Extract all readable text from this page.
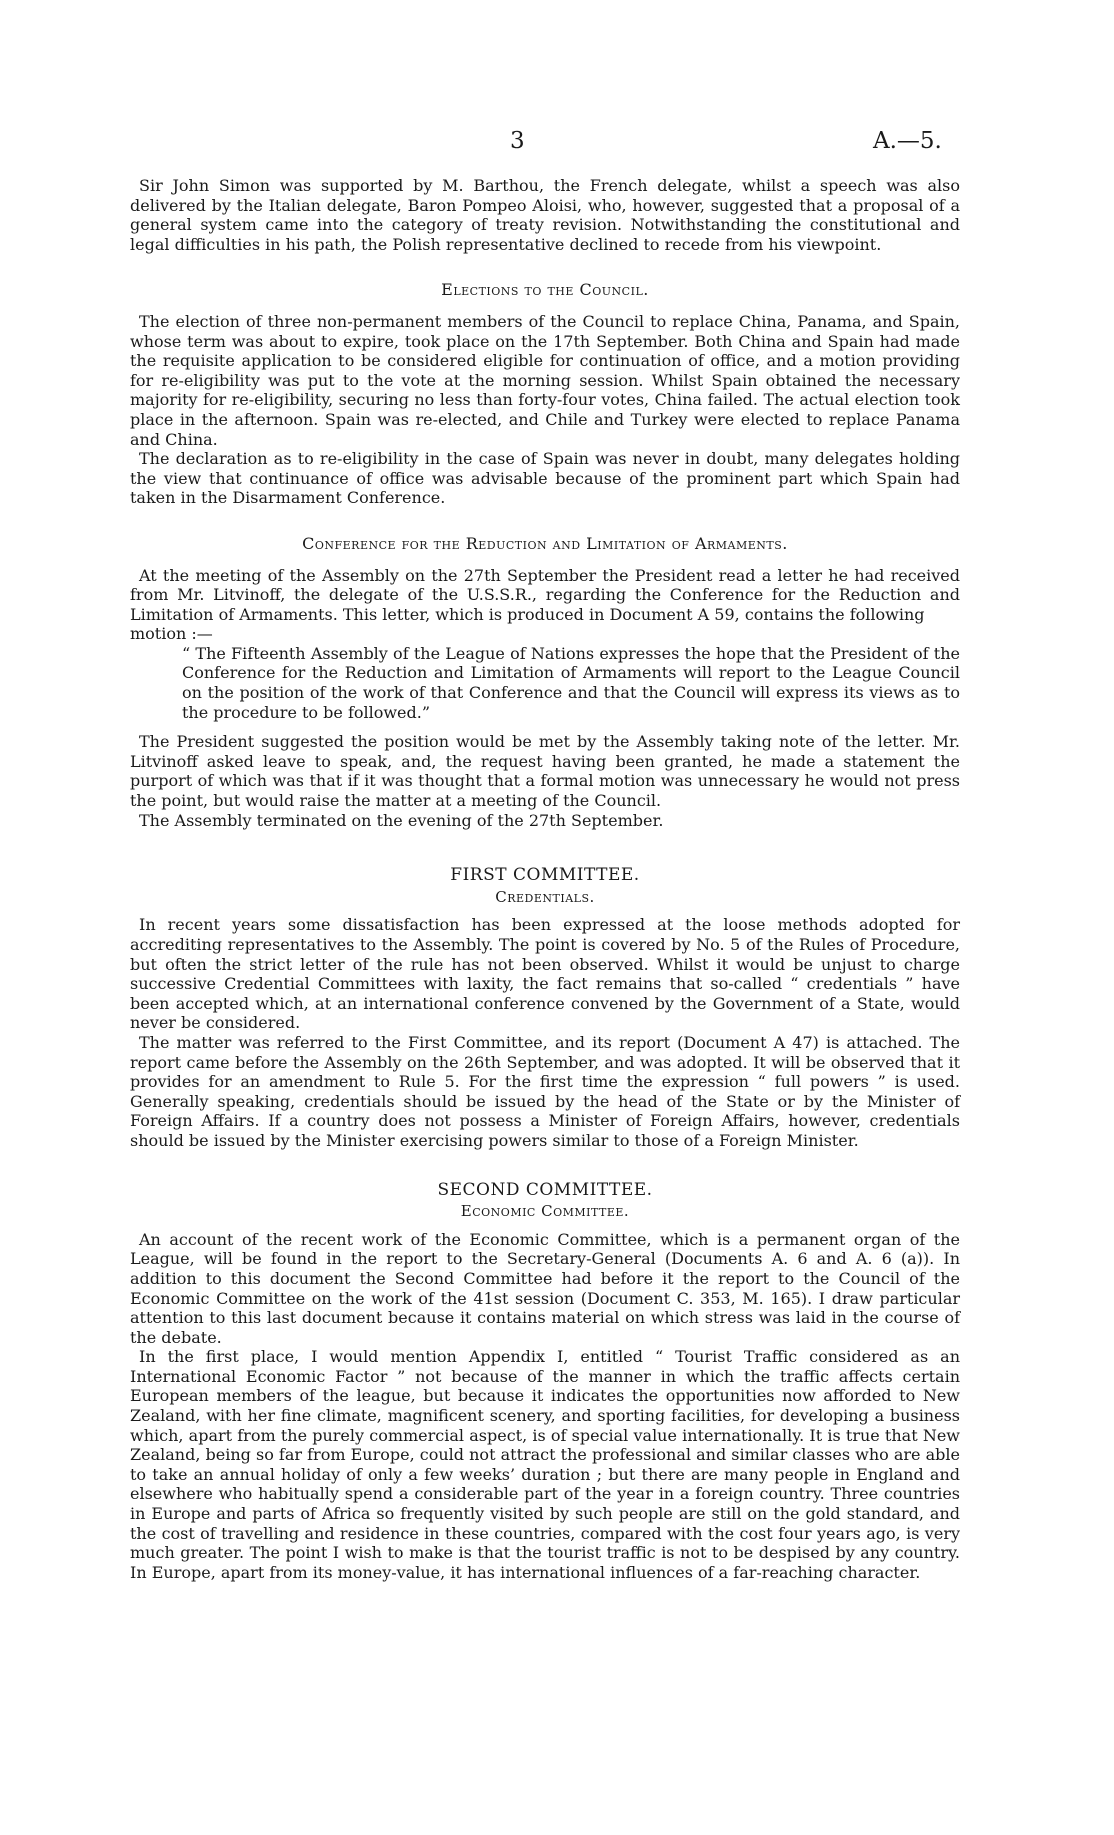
3	A.—5.

Sir John Simon was supported by M. Barthou, the French delegate, whilst a speech was also delivered by the Italian delegate, Baron Pompeo Aloisi, who, however, suggested that a proposal of a general system came into the category of treaty revision. Notwithstanding the constitutional and legal difficulties in his path, the Polish representative declined to recede from his viewpoint.

Elections to the Council.

The election of three non-permanent members of the Council to replace China, Panama, and Spain, whose term was about to expire, took place on the 17th September. Both China and Spain had made the requisite application to be considered eligible for continuation of office, and a motion providing for re-eligibility was put to the vote at the morning session. Whilst Spain obtained the necessary majority for re-eligibility, securing no less than forty-four votes, China failed. The actual election took place in the afternoon. Spain was re-elected, and Chile and Turkey were elected to replace Panama and China.

The declaration as to re-eligibility in the case of Spain was never in doubt, many delegates holding the view that continuance of office was advisable because of the prominent part which Spain had taken in the Disarmament Conference.

Conference for the Reduction and Limitation of Armaments.

At the meeting of the Assembly on the 27th September the President read a letter he had received from Mr. Litvinoff, the delegate of the U.S.S.R., regarding the Conference for the Reduction and Limitation of Armaments. This letter, which is produced in Document A 59, contains the following

motion :—

“ The Fifteenth Assembly of the League of Nations expresses the hope that the President of the Conference for the Reduction and Limitation of Armaments will report to the League Council on the position of the work of that Conference and that the Council will express its views as to the procedure to be followed.”

The President suggested the position would be met by the Assembly taking note of the letter. Mr. Litvinoff asked leave to speak, and, the request having been granted, he made a statement the purport of which was that if it was thought that a formal motion was unnecessary he would not press the point, but would raise the matter at a meeting of the Council.

The Assembly terminated on the evening of the 27th September.

FIRST COMMITTEE.
Credentials.

In recent years some dissatisfaction has been expressed at the loose methods adopted for accrediting representatives to the Assembly. The point is covered by No. 5 of the Rules of Procedure, but often the strict letter of the rule has not been observed. Whilst it would be unjust to charge successive Credential Committees with laxity, the fact remains that so-called “ credentials ” have been accepted which, at an international conference convened by the Government of a State, would never be considered.

The matter was referred to the First Committee, and its report (Document A 47) is attached. The report came before the Assembly on the 26th September, and was adopted. It will be observed that it provides for an amendment to Rule 5. For the first time the expression “ full powers ” is used. Generally speaking, credentials should be issued by the head of the State or by the Minister of Foreign Affairs. If a country does not possess a Minister of Foreign Affairs, however, credentials should be issued by the Minister exercising powers similar to those of a Foreign Minister.

SECOND COMMITTEE.
Economic Committee.

An account of the recent work of the Economic Committee, which is a permanent organ of the League, will be found in the report to the Secretary-General (Documents A. 6 and A. 6 (a)). In addition to this document the Second Committee had before it the report to the Council of the Economic Committee on the work of the 41st session (Document C. 353, M. 165). I draw particular attention to this last document because it contains material on which stress was laid in the course of the debate.

In the first place, I would mention Appendix I, entitled “ Tourist Traffic considered as an International Economic Factor ” not because of the manner in which the traffic affects certain European members of the league, but because it indicates the opportunities now afforded to New Zealand, with her fine climate, magnificent scenery, and sporting facilities, for developing a business which, apart from the purely commercial aspect, is of special value internationally. It is true that New Zealand, being so far from Europe, could not attract the professional and similar classes who are able to take an annual holiday of only a few weeks’ duration ; but there are many people in England and elsewhere who habitually spend a considerable part of the year in a foreign country. Three countries in Europe and parts of Africa so frequently visited by such people are still on the gold standard, and the cost of travelling and residence in these countries, compared with the cost four years ago, is very much greater. The point I wish to make is that the tourist traffic is not to be despised by any country. In Europe, apart from its money-value, it has international influences of a far-reaching character.
